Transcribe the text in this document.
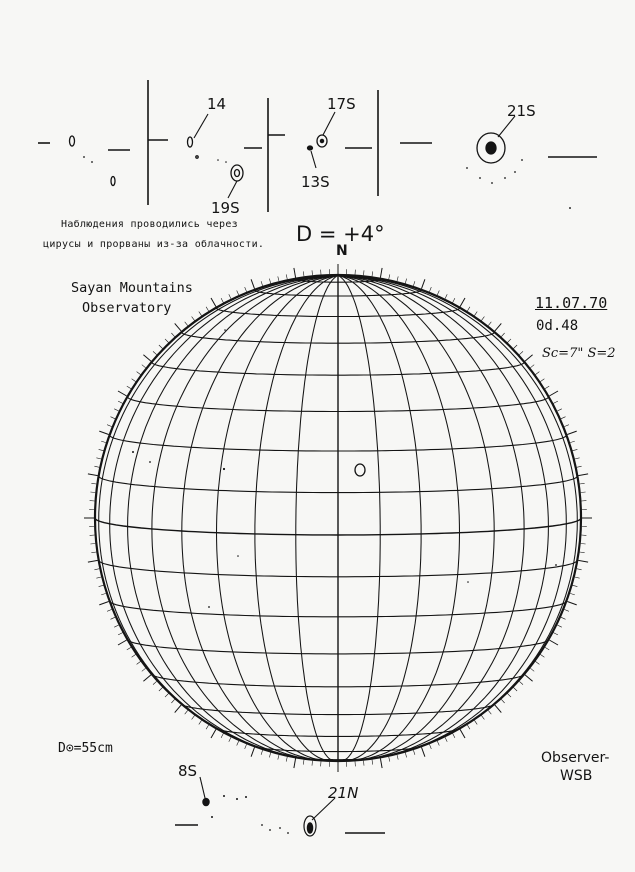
14	17S
13S
19S
21S
Наблюдения проводились через
цирусы и прорваны из-за облачности. D = +4°
N
Sayan Mountains
Observatory	11.07.70
0d.48
Sc=7" S=2
D⊙=55cm
Observer-
WSB
8S
21N
